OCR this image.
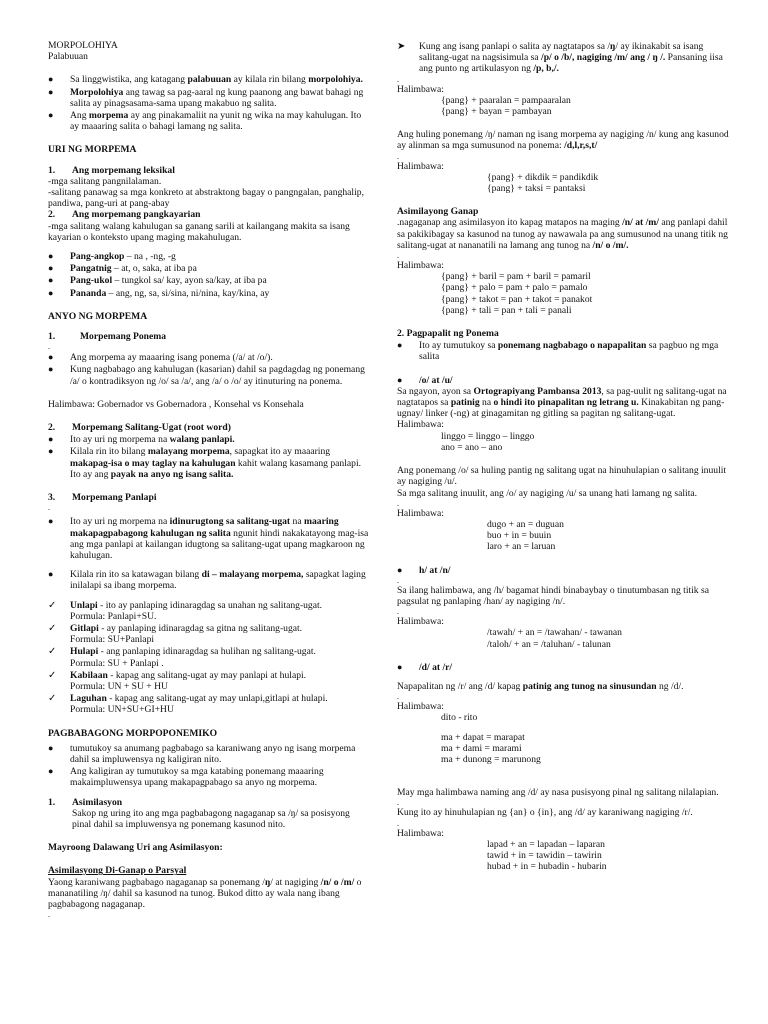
MORPOLOHIYA
Palabuuan
●
Sa linggwistika, ang katagang palabuuan ay kilala rin bilang morpolohiya.
●
Morpolohiya ang tawag sa pag-aaral ng kung paanong ang bawat bahagi ng salita ay pinagsasama-sama upang makabuo ng salita.
●
Ang morpema ay ang pinakamaliit na yunit ng wika na may kahulugan. Ito ay maaaring salita o bahagi lamang ng salita.
URI NG MORPEMA
1.	Ang morpemang leksikal
-mga salitang pangnilalaman.
-salitang panawag sa mga konkreto at abstraktong bagay o pangngalan, panghalip, pandiwa, pang-uri at pang-abay
2.	Ang morpemang pangkayarian
-mga salitang walang kahulugan sa ganang sarili at kailangang makita sa isang kayarian o konteksto upang maging makahulugan.
●
Pang-angkop – na , -ng, -g
●
Pangatnig – at, o, saka, at iba pa
●
Pang-ukol – tungkol sa/ kay, ayon sa/kay, at iba pa
●
Pananda – ang, ng, sa, si/sina, ni/nina, kay/kina, ay
ANYO NG MORPEMA
1.	Morpemang Ponema
.
●
Ang morpema ay maaaring isang ponema (/a/ at /o/).
●
Kung nagbabago ang kahulugan (kasarian) dahil sa pagdagdag ng ponemang /a/ o kontradiksyon ng /o/ sa /a/, ang /a/ o /o/ ay itinuturing na ponema.
Halimbawa: Gobernador vs Gobernadora , Konsehal vs Konsehala
2.	Morpemang Salitang-Ugat (root word)
●
Ito ay uri ng morpema na walang panlapi.
●
Kilala rin ito bilang malayang morpema, sapagkat ito ay maaaring makapag-isa o may taglay na kahulugan kahit walang kasamang panlapi. Ito ay ang payak na anyo ng isang salita.
3.	Morpemang Panlapi
.
●
Ito ay uri ng morpema na idinurugtong sa salitang-ugat na maaring makapagpabagong kahulugan ng salita ngunit hindi nakakatayong mag-isa ang mga panlapi at kailangan idugtong sa salitang-ugat upang magkaroon ng kahulugan.
●
Kilala rin ito sa katawagan bilang di – malayang morpema, sapagkat laging inilalapi sa ibang morpema.
✓
Unlapi - ito ay panlaping idinaragdag sa unahan ng salitang-ugat.
Pormula: Panlapi+SU.
✓
Gitlapi - ay panlaping idinaragdag sa gitna ng salitang-ugat.
Formula: SU+Panlapi
✓
Hulapi - ang panlaping idinaragdag sa hulihan ng salitang-ugat.
Pormula: SU + Panlapi .
✓
Kabilaan - kapag ang salitang-ugat ay may panlapi at hulapi.
Pormula: UN + SU + HU
✓
Laguhan - kapag ang salitang-ugat ay may unlapi,gitlapi at hulapi.
Pormula: UN+SU+GI+HU
PAGBABAGONG MORPOPONEMIKO
●
tumutukoy sa anumang pagbabago sa karaniwang anyo ng isang morpema dahil sa impluwensya ng kaligiran nito.
●
Ang kaligiran ay tumutukoy sa mga katabing ponemang maaaring makaimpluwensya upang makapagpabago sa anyo ng morpema.
1.	Asimilasyon
Sakop ng uring ito ang mga pagbabagong nagaganap sa /ŋ/ sa posisyong pinal dahil sa impluwensya ng ponemang kasunod nito.
Mayroong Dalawang Uri ang Asimilasyon:
Asimilasyong Di-Ganap o Parsyal
Yaong karaniwang pagbabago nagaganap sa ponemang /ŋ/ at nagiging /n/ o /m/ o mananatiling /ŋ/ dahil sa kasunod na tunog. Bukod ditto ay wala nang ibang pagbabagong nagaganap.
.
➤
Kung ang isang panlapi o salita ay nagtatapos sa /ŋ/ ay ikinakabit sa isang salitang-ugat na nagsisimula sa /p/ o /b/, nagiging /m/ ang / ŋ /. Pansaning iisa ang punto ng artikulasyon ng /p, b,/.
.
Halimbawa:
{pang} + paaralan = pampaaralan
{pang} + bayan = pambayan
Ang huling ponemang /ŋ/ naman ng isang morpema ay nagiging /n/ kung ang kasunod ay alinman sa mga sumusunod na ponema: /d,l,r,s,t/
.
Halimbawa:
{pang} + dikdik = pandikdik
{pang} + taksi = pantaksi
Asimilayong Ganap
.nagaganap ang asimilasyon ito kapag matapos na maging /n/ at /m/ ang panlapi dahil sa pakikibagay sa kasunod na tunog ay nawawala pa ang sumusunod na unang titik ng salitang-ugat at nananatili na lamang ang tunog na /n/ o /m/.
.
Halimbawa:
{pang} + baril = pam + baril = pamaril
{pang} + palo = pam + palo = pamalo
{pang} + takot = pan + takot = panakot
{pang} + tali = pan + tali = panali
2. Pagpapalit ng Ponema
●
Ito ay tumutukoy sa ponemang nagbabago o napapalitan sa pagbuo ng mga salita
●
/o/ at /u/
Sa ngayon, ayon sa Ortograpiyang Pambansa 2013, sa pag-uulit ng salitang-ugat na nagtatapos sa patinig na o hindi ito pinapalitan ng letrang u. Kinakabitan ng pang-ugnay/ linker (-ng) at ginagamitan ng gitling sa pagitan ng salitang-ugat.
Halimbawa:
linggo = linggo – linggo
ano = ano – ano
Ang ponemang /o/ sa huling pantig ng salitang ugat na hinuhulapian o salitang inuulit ay nagiging /u/.
Sa mga salitang inuulit, ang /o/ ay nagiging /u/ sa unang hati lamang ng salita.
.
Halimbawa:
dugo + an = duguan
buo + in = buuin
laro + an = laruan
●
h/ at /n/
.
Sa ilang halimbawa, ang /h/ bagamat hindi binabaybay o tinutumbasan ng titik sa pagsulat ng panlaping /han/ ay nagiging /n/.
.
Halimbawa:
/tawah/ + an = /tawahan/ - tawanan
/taloh/ + an = /taluhan/ - talunan
●
/d/ at /r/
Napapalitan ng /r/ ang /d/ kapag patinig ang tunog na sinusundan ng /d/.
.
Halimbawa:
dito - rito
ma + dapat = marapat
ma + dami = marami
ma + dunong = marunong
May mga halimbawa naming ang /d/ ay nasa pusisyong pinal ng salitang nilalapian.
.
Kung ito ay hinuhulapian ng {an} o {in}, ang /d/ ay karaniwang nagiging /r/.
.
Halimbawa:
lapad + an = lapadan – laparan
tawid + in = tawidin – tawirin
hubad + in = hubadin - hubarin
